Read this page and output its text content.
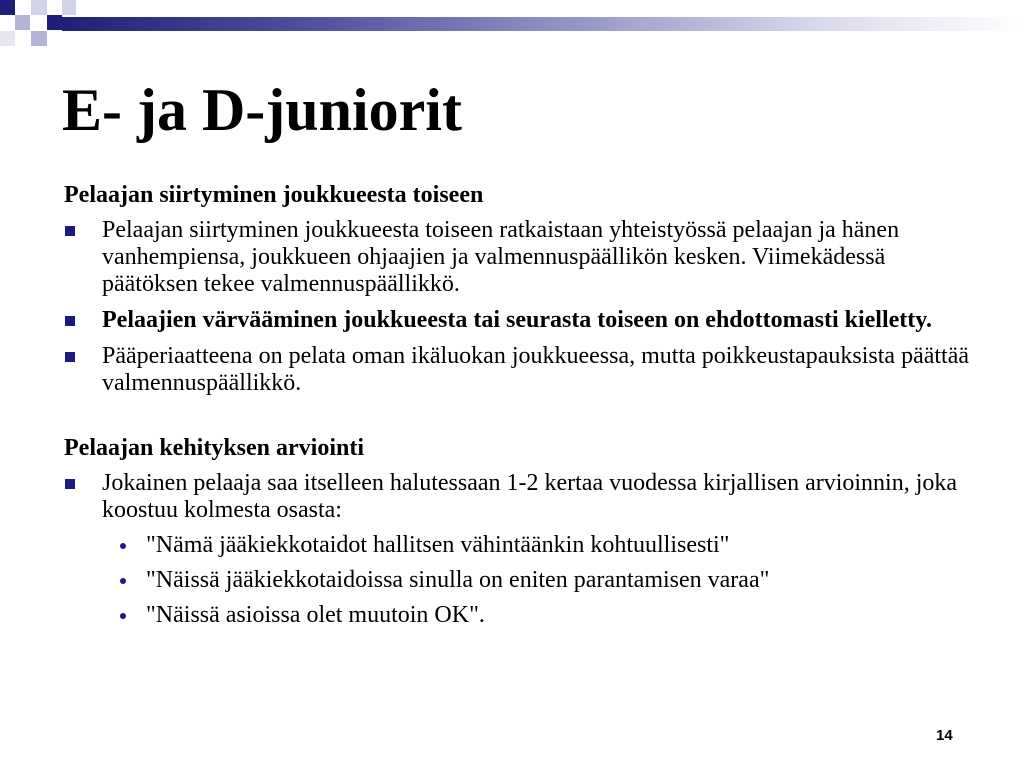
E- ja D-juniorit

Pelaajan siirtyminen joukkueesta toiseen

Pelaajan siirtyminen joukkueesta toiseen ratkaistaan yhteistyössä pelaajan ja hänen vanhempiensa, joukkueen ohjaajien ja valmennuspäällikön kesken. Viimekädessä päätöksen tekee valmennuspäällikkö.
Pelaajien värvääminen joukkueesta tai seurasta toiseen on ehdottomasti kielletty.
Pääperiaatteena on pelata oman ikäluokan joukkueessa, mutta poikkeustapauksista päättää valmennuspäällikkö.

Pelaajan kehityksen arviointi

Jokainen pelaaja saa itselleen halutessaan 1-2 kertaa vuodessa kirjallisen arvioinnin, joka koostuu kolmesta osasta:
"Nämä jääkiekkotaidot hallitsen vähintäänkin kohtuullisesti"
"Näissä jääkiekkotaidoissa sinulla on eniten parantamisen varaa"
"Näissä asioissa olet muutoin OK".
14
